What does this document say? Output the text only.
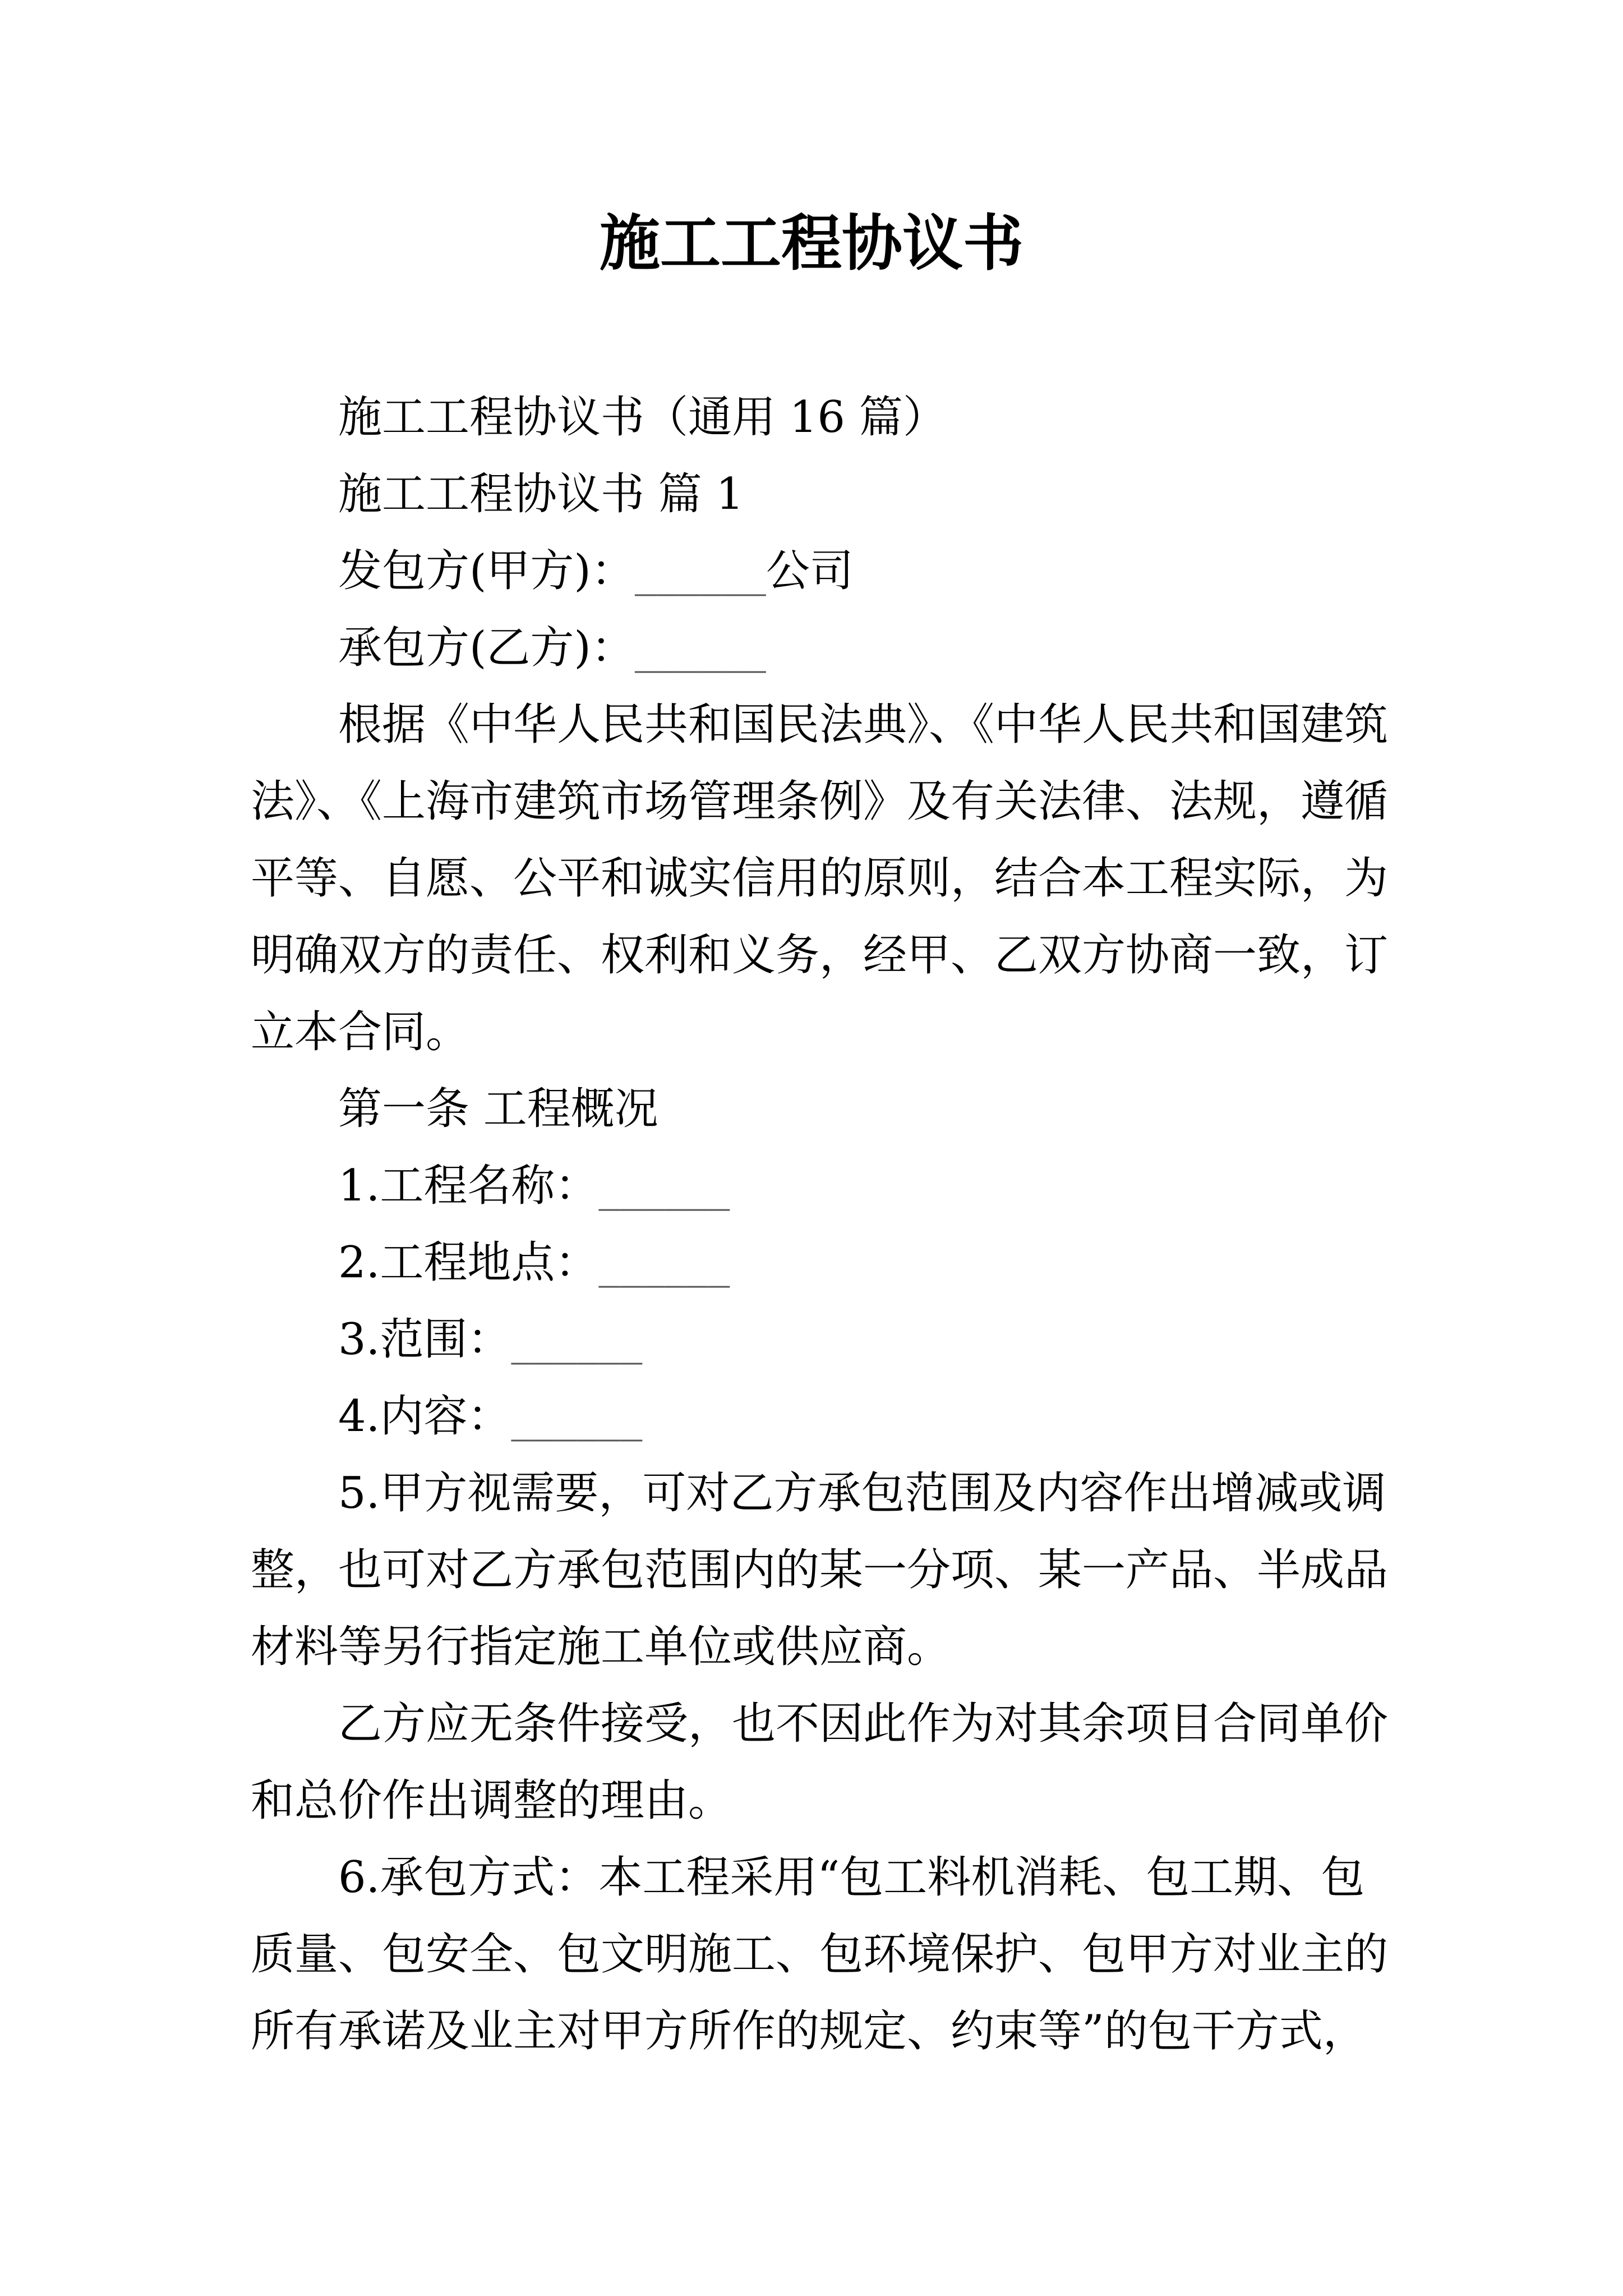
施工工程协议书
施工工程协议书（通用 16 篇）
施工工程协议书 篇 1
发包方(甲方)：______公司
承包方(乙方)：______
根据《中华人民共和国民法典》、《中华人民共和国建筑
法》、《上海市建筑市场管理条例》及有关法律、法规，遵循
平等、自愿、公平和诚实信用的原则，结合本工程实际，为
明确双方的责任、权利和义务，经甲、乙双方协商一致，订
立本合同。
第一条 工程概况
1.工程名称：______
2.工程地点：______
3.范围：______
4.内容：______
5.甲方视需要，可对乙方承包范围及内容作出增减或调
整，也可对乙方承包范围内的某一分项、某一产品、半成品
材料等另行指定施工单位或供应商。
乙方应无条件接受，也不因此作为对其余项目合同单价
和总价作出调整的理由。
6.承包方式：本工程采用“包工料机消耗、包工期、包
质量、包安全、包文明施工、包环境保护、包甲方对业主的
所有承诺及业主对甲方所作的规定、约束等”的包干方式，
